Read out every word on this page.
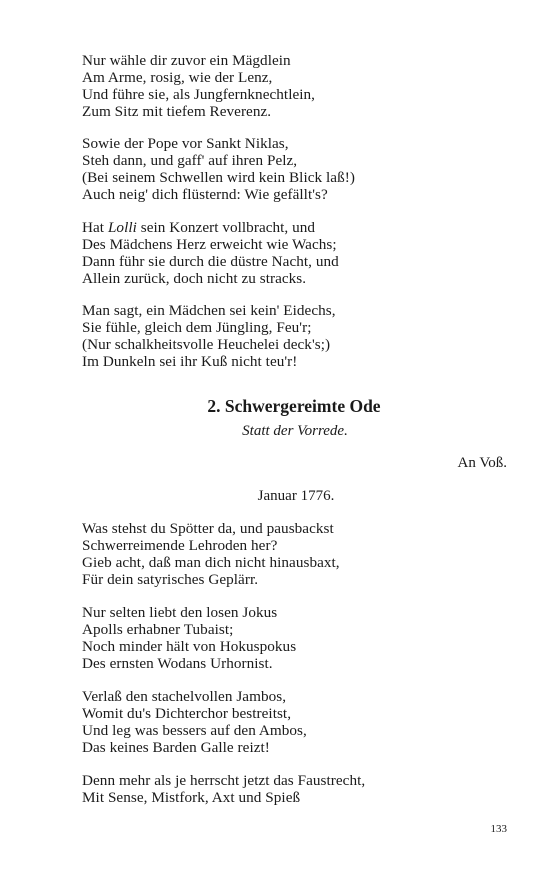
Nur wähle dir zuvor ein Mägdlein
Am Arme, rosig, wie der Lenz,
Und führe sie, als Jungfernknechtlein,
Zum Sitz mit tiefem Reverenz.
Sowie der Pope vor Sankt Niklas,
Steh dann, und gaff' auf ihren Pelz,
(Bei seinem Schwellen wird kein Blick laß!)
Auch neig' dich flüsternd: Wie gefällt's?
Hat Lolli sein Konzert vollbracht, und
Des Mädchens Herz erweicht wie Wachs;
Dann führ sie durch die düstre Nacht, und
Allein zurück, doch nicht zu stracks.
Man sagt, ein Mädchen sei kein' Eidechs,
Sie fühle, gleich dem Jüngling, Feu'r;
(Nur schalkheitsvolle Heuchelei deck's;)
Im Dunkeln sei ihr Kuß nicht teu'r!
2. Schwergereimte Ode
Statt der Vorrede.
An Voß.
Januar 1776.
Was stehst du Spötter da, und pausbackst
Schwerreimende Lehroden her?
Gieb acht, daß man dich nicht hinausbaxt,
Für dein satyrisches Geplärr.
Nur selten liebt den losen Jokus
Apolls erhabner Tubaist;
Noch minder hält von Hokuspokus
Des ernsten Wodans Urhornist.
Verlaß den stachelvollen Jambos,
Womit du's Dichterchor bestreitst,
Und leg was bessers auf den Ambos,
Das keines Barden Galle reizt!
Denn mehr als je herrscht jetzt das Faustrecht,
Mit Sense, Mistfork, Axt und Spieß
133
